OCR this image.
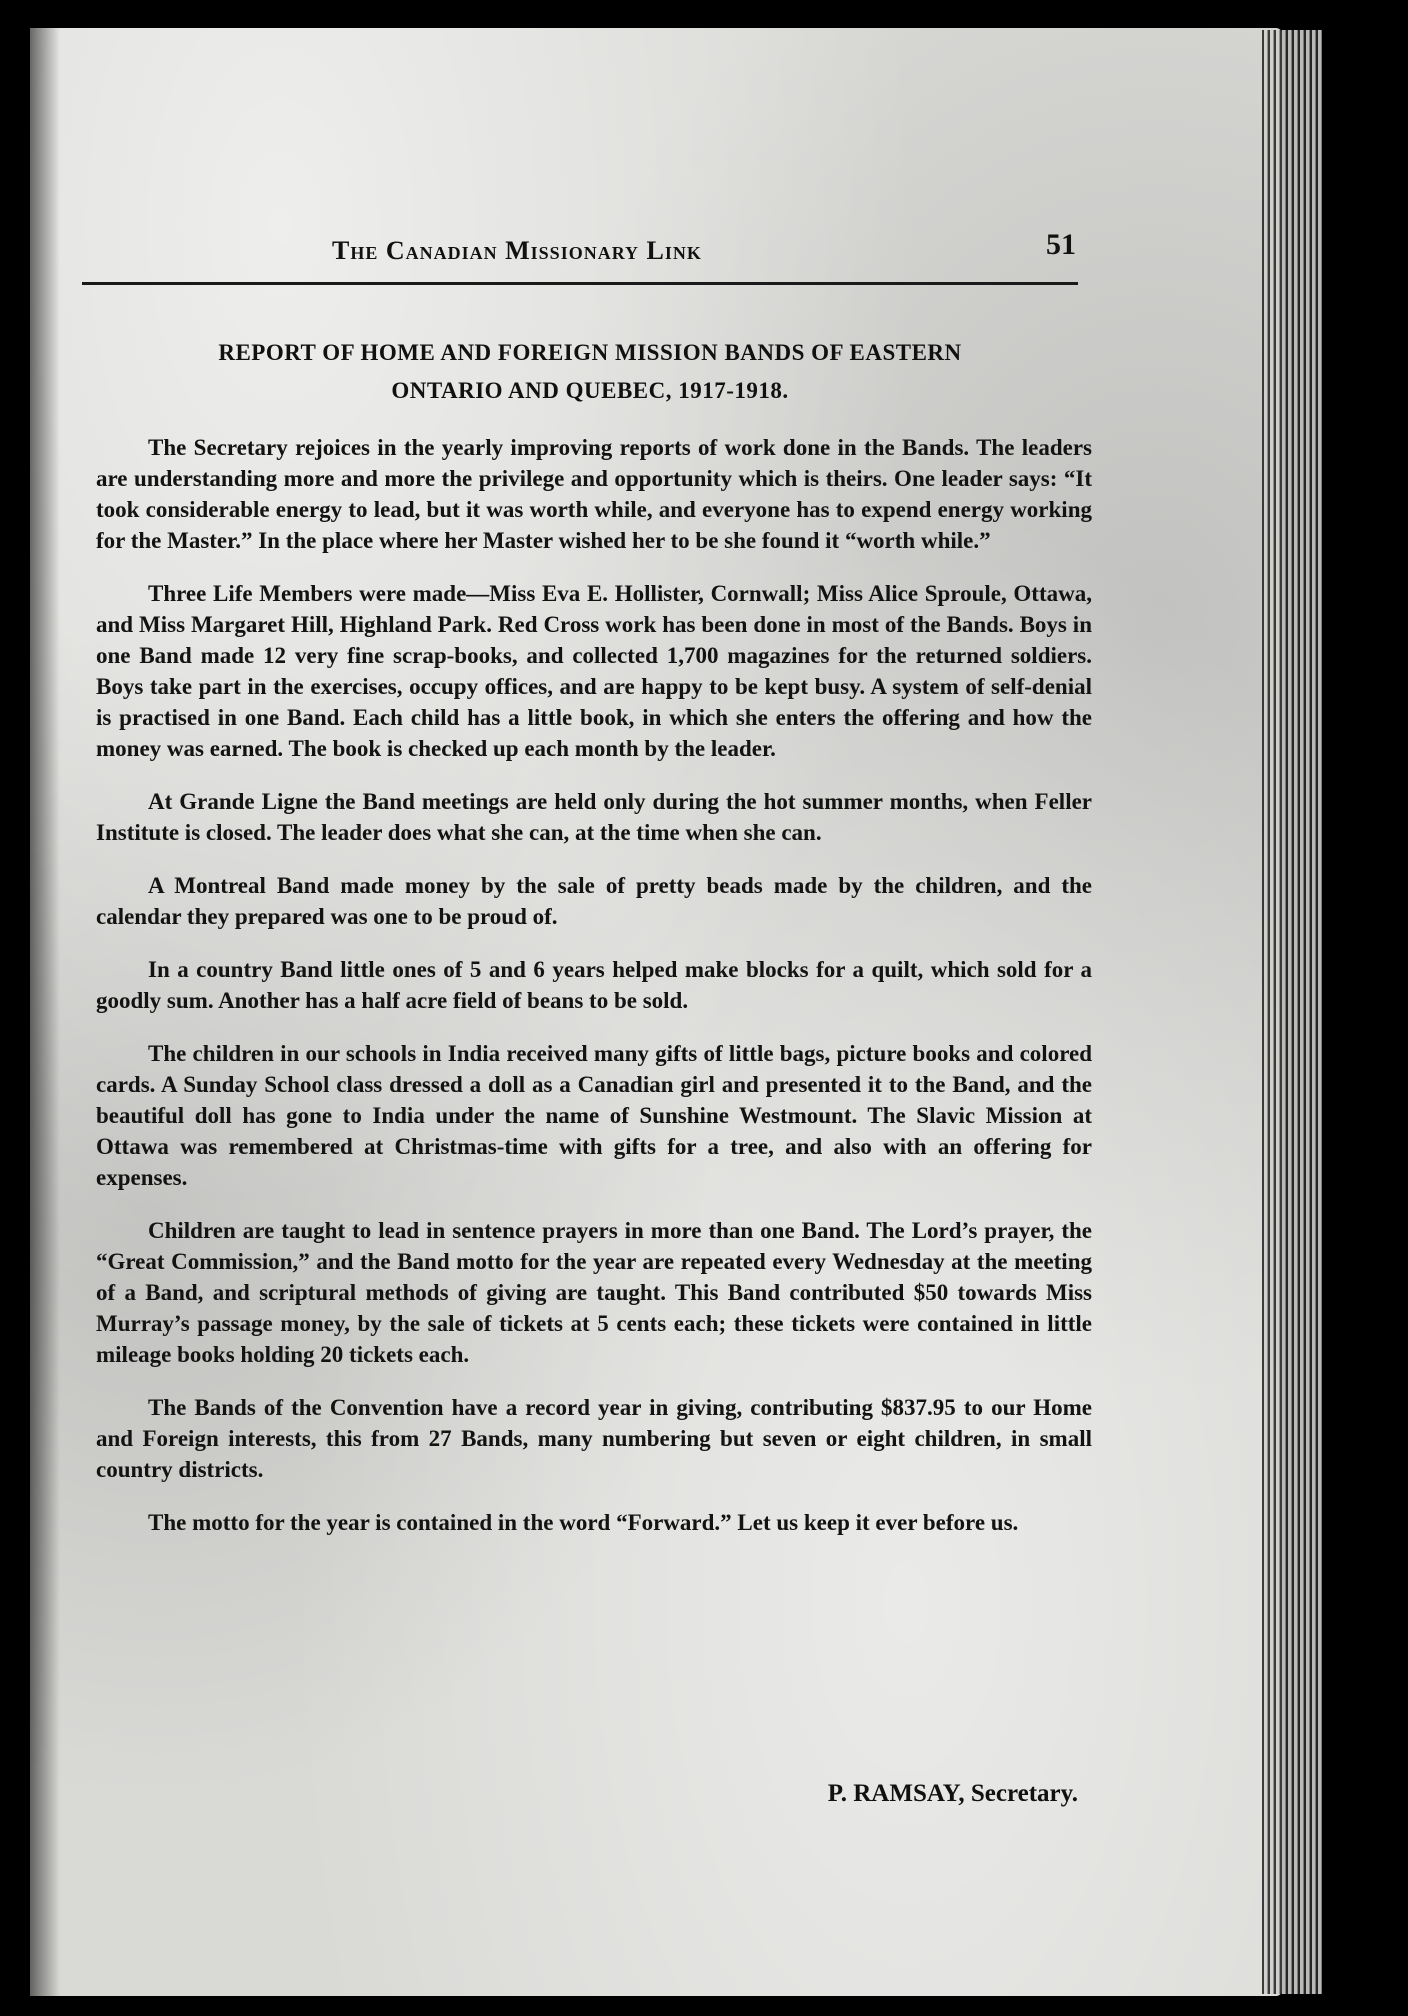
The Canadian Missionary Link	51
REPORT OF HOME AND FOREIGN MISSION BANDS OF EASTERN
ONTARIO AND QUEBEC, 1917-1918.

The Secretary rejoices in the yearly improving reports of work done in the Bands. The leaders are understanding more and more the privilege and opportunity which is theirs. One leader says: “It took considerable energy to lead, but it was worth while, and everyone has to expend energy working for the Master.” In the place where her Master wished her to be she found it “worth while.”

Three Life Members were made—Miss Eva E. Hollister, Cornwall; Miss Alice Sproule, Ottawa, and Miss Margaret Hill, Highland Park. Red Cross work has been done in most of the Bands. Boys in one Band made 12 very fine scrap-books, and collected 1,700 magazines for the returned soldiers. Boys take part in the exercises, occupy offices, and are happy to be kept busy. A system of self-denial is practised in one Band. Each child has a little book, in which she enters the offering and how the money was earned. The book is checked up each month by the leader.

At Grande Ligne the Band meetings are held only during the hot summer months, when Feller Institute is closed. The leader does what she can, at the time when she can.

A Montreal Band made money by the sale of pretty beads made by the children, and the calendar they prepared was one to be proud of.

In a country Band little ones of 5 and 6 years helped make blocks for a quilt, which sold for a goodly sum. Another has a half acre field of beans to be sold.

The children in our schools in India received many gifts of little bags, picture books and colored cards. A Sunday School class dressed a doll as a Canadian girl and presented it to the Band, and the beautiful doll has gone to India under the name of Sunshine Westmount. The Slavic Mission at Ottawa was remembered at Christmas-time with gifts for a tree, and also with an offering for expenses.

Children are taught to lead in sentence prayers in more than one Band. The Lord’s prayer, the “Great Commission,” and the Band motto for the year are repeated every Wednesday at the meeting of a Band, and scriptural methods of giving are taught. This Band contributed $50 towards Miss Murray’s passage money, by the sale of tickets at 5 cents each; these tickets were contained in little mileage books holding 20 tickets each.

The Bands of the Convention have a record year in giving, contributing $837.95 to our Home and Foreign interests, this from 27 Bands, many numbering but seven or eight children, in small country districts.

The motto for the year is contained in the word “Forward.” Let us keep it ever before us.

P. RAMSAY, Secretary.
